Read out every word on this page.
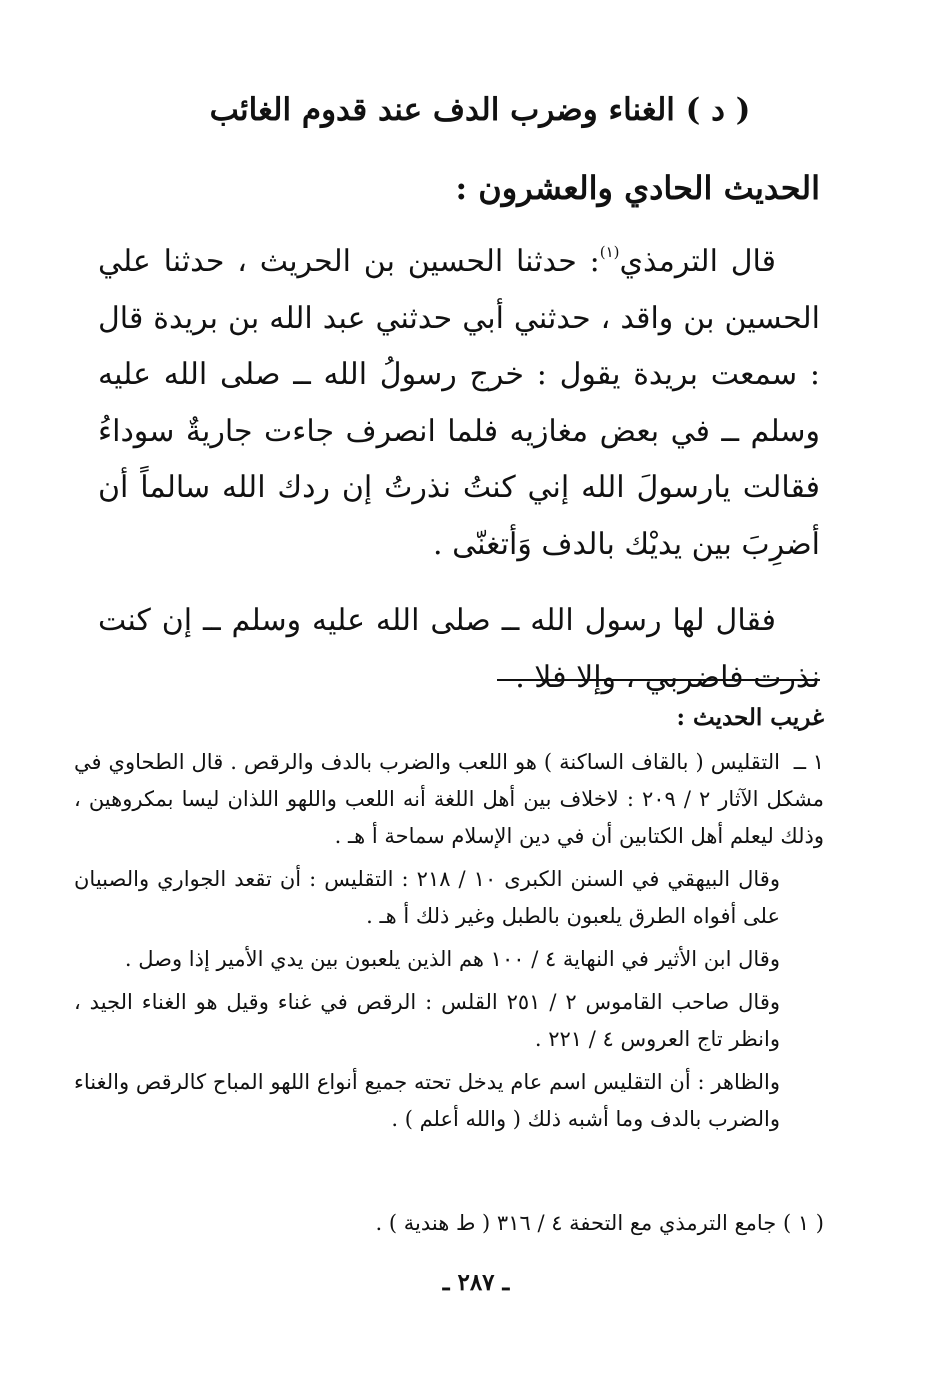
( د ) الغناء وضرب الدف عند قدوم الغائب
الحديث الحادي والعشرون :

قال الترمذي$^{(١)}$: حدثنا الحسين بن الحريث ، حدثنا علي الحسين بن واقد ، حدثني أبي حدثني عبد الله بن بريدة قال : سمعت بريدة يقول : خرج رسولُ الله ــ صلى الله عليه وسلم ــ في بعض مغازيه فلما انصرف جاءت جاريةٌ سوداءُ فقالت يارسولَ الله إني كنتُ نذرتُ إن ردك الله سالماً أن أضرِبَ بين يديْك بالدف وَأتغنّى .

فقال لها رسول الله ــ صلى الله عليه وسلم ــ إن كنت نذرت فاضربي ، وإلا فلا .

غريب الحديث :

١ ــالتقليس ( بالقاف الساكنة ) هو اللعب والضرب بالدف والرقص . قال الطحاوي في مشكل الآثار ٢ / ٢٠٩ : لاخلاف بين أهل اللغة أنه اللعب واللهو اللذان ليسا بمكروهين ، وذلك ليعلم أهل الكتابين أن في دين الإسلام سماحة أ هـ .

وقال البيهقي في السنن الكبرى ١٠ / ٢١٨ : التقليس : أن تقعد الجواري والصبيان على أفواه الطرق يلعبون بالطبل وغير ذلك أ هـ .

وقال ابن الأثير في النهاية ٤ / ١٠٠ هم الذين يلعبون بين يدي الأمير إذا وصل .

وقال صاحب القاموس ٢ / ٢٥١ القلس : الرقص في غناء وقيل هو الغناء الجيد ، وانظر تاج العروس ٤ / ٢٢١ .

والظاهر : أن التقليس اسم عام يدخل تحته جميع أنواع اللهو المباح كالرقص والغناء والضرب بالدف وما أشبه ذلك ( والله أعلم ) .

( ١ ) جامع الترمذي مع التحفة ٤ / ٣١٦ ( ط هندية ) .
ـ ٢٨٧ ـ
